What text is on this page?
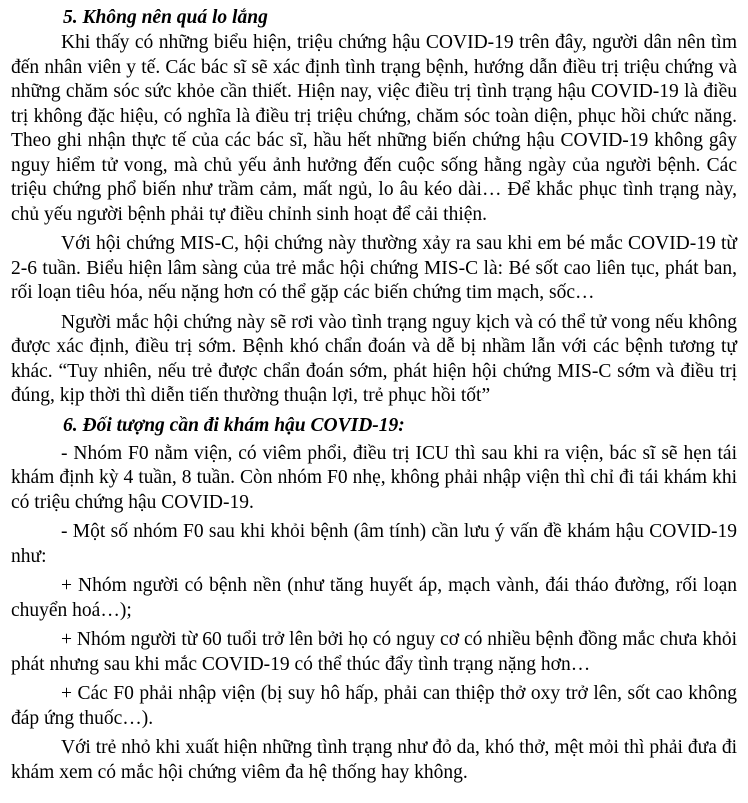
5. Không nên quá lo lắng

Khi thấy có những biểu hiện, triệu chứng hậu COVID-19 trên đây, người dân nên tìm đến nhân viên y tế. Các bác sĩ sẽ xác định tình trạng bệnh, hướng dẫn điều trị triệu chứng và những chăm sóc sức khỏe cần thiết. Hiện nay, việc điều trị tình trạng hậu COVID-19 là điều trị không đặc hiệu, có nghĩa là điều trị triệu chứng, chăm sóc toàn diện, phục hồi chức năng. Theo ghi nhận thực tế của các bác sĩ, hầu hết những biến chứng hậu COVID-19 không gây nguy hiểm tử vong, mà chủ yếu ảnh hưởng đến cuộc sống hằng ngày của người bệnh. Các triệu chứng phổ biến như trầm cảm, mất ngủ, lo âu kéo dài… Để khắc phục tình trạng này, chủ yếu người bệnh phải tự điều chỉnh sinh hoạt để cải thiện.

Với hội chứng MIS-C, hội chứng này thường xảy ra sau khi em bé mắc COVID-19 từ 2-6 tuần. Biểu hiện lâm sàng của trẻ mắc hội chứng MIS-C là: Bé sốt cao liên tục, phát ban, rối loạn tiêu hóa, nếu nặng hơn có thể gặp các biến chứng tim mạch, sốc…

Người mắc hội chứng này sẽ rơi vào tình trạng nguy kịch và có thể tử vong nếu không được xác định, điều trị sớm. Bệnh khó chẩn đoán và dễ bị nhầm lẫn với các bệnh tương tự khác. “Tuy nhiên, nếu trẻ được chẩn đoán sớm, phát hiện hội chứng MIS-C sớm và điều trị đúng, kịp thời thì diễn tiến thường thuận lợi, trẻ phục hồi tốt”

6. Đối tượng cần đi khám hậu COVID-19:

- Nhóm F0 nằm viện, có viêm phổi, điều trị ICU thì sau khi ra viện, bác sĩ sẽ hẹn tái khám định kỳ 4 tuần, 8 tuần. Còn nhóm F0 nhẹ, không phải nhập viện thì chỉ đi tái khám khi có triệu chứng hậu COVID-19.

- Một số nhóm F0 sau khi khỏi bệnh (âm tính) cần lưu ý vấn đề khám hậu COVID-19 như:

+ Nhóm người có bệnh nền (như tăng huyết áp, mạch vành, đái tháo đường, rối loạn chuyển hoá…);

+ Nhóm người từ 60 tuổi trở lên bởi họ có nguy cơ có nhiều bệnh đồng mắc chưa khỏi phát nhưng sau khi mắc COVID-19 có thể thúc đẩy tình trạng nặng hơn…

+ Các F0 phải nhập viện (bị suy hô hấp, phải can thiệp thở oxy trở lên, sốt cao không đáp ứng thuốc…).

Với trẻ nhỏ khi xuất hiện những tình trạng như đỏ da, khó thở, mệt mỏi thì phải đưa đi khám xem có mắc hội chứng viêm đa hệ thống hay không.
